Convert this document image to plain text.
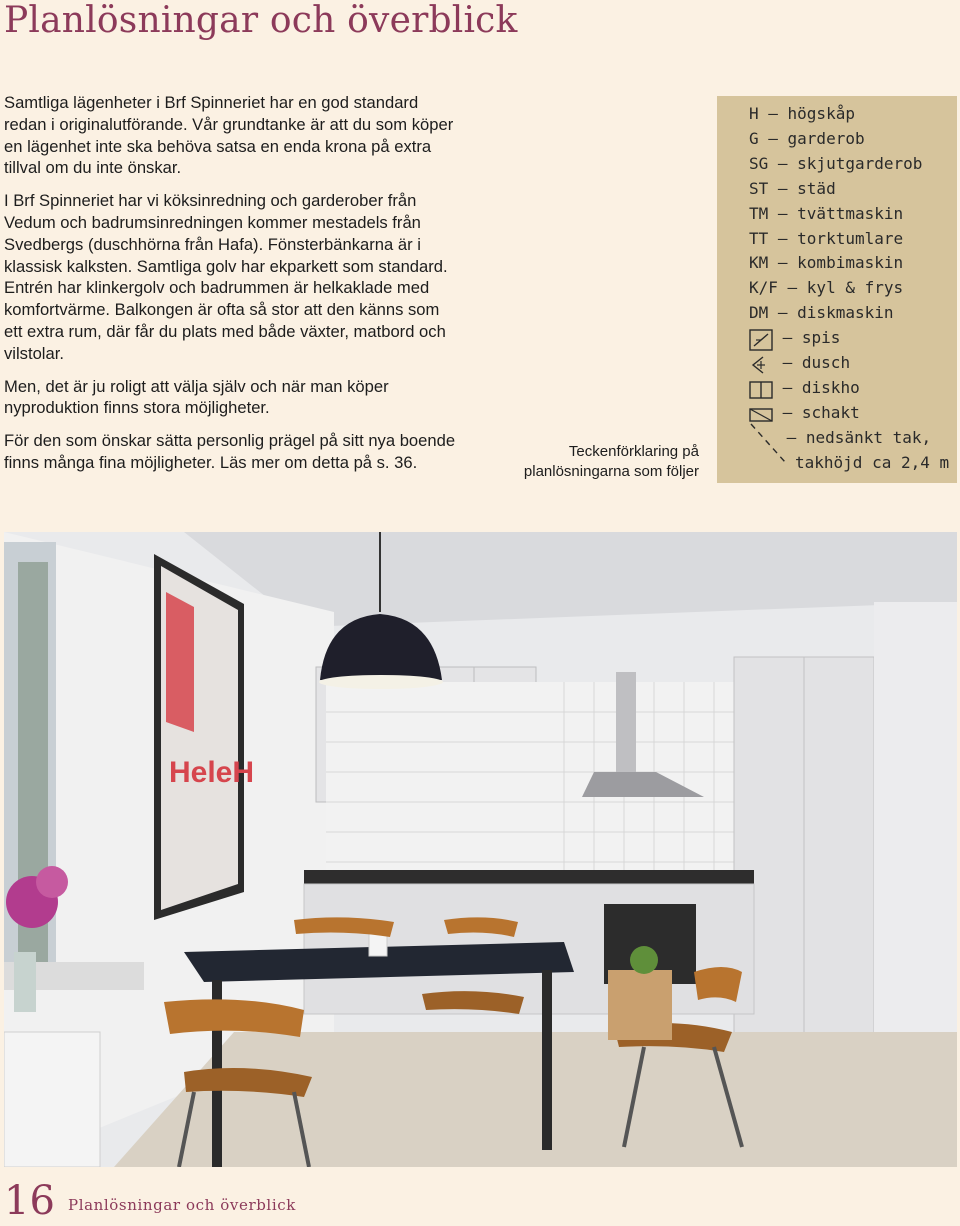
Planlösningar och överblick

Samtliga lägenheter i Brf Spinneriet har en god standard redan i originalutförande. Vår grundtanke är att du som köper en lägenhet inte ska behöva satsa en enda krona på extra tillval om du inte önskar.

I Brf Spinneriet har vi köksinredning och garderober från Vedum och badrumsinredningen kommer mestadels från Svedbergs (duschhörna från Hafa). Fönsterbänkarna är i klassisk kalksten. Samtliga golv har ekparkett som standard. Entrén har klinkergolv och badrummen är helkaklade med komfortvärme. Balkongen är ofta så stor att den känns som ett extra rum, där får du plats med både växter, matbord och vilstolar.

Men, det är ju roligt att välja själv och när man köper nyproduktion finns stora möjligheter.

För den som önskar sätta personlig prägel på sitt nya boende finns många fina möjligheter. Läs mer om detta på s. 36.

Teckenförklaring på planlösningarna som följer
H – högskåp
G – garderob
SG – skjutgarderob
ST – städ
TM – tvättmaskin
TT – torktumlare
KM – kombimaskin
K/F – kyl & frys
DM – diskmaskin
– spis
– dusch
– diskho
– schakt
– nedsänkt tak,
takhöjd ca 2,4 m
HeleH
16 Planlösningar och överblick
